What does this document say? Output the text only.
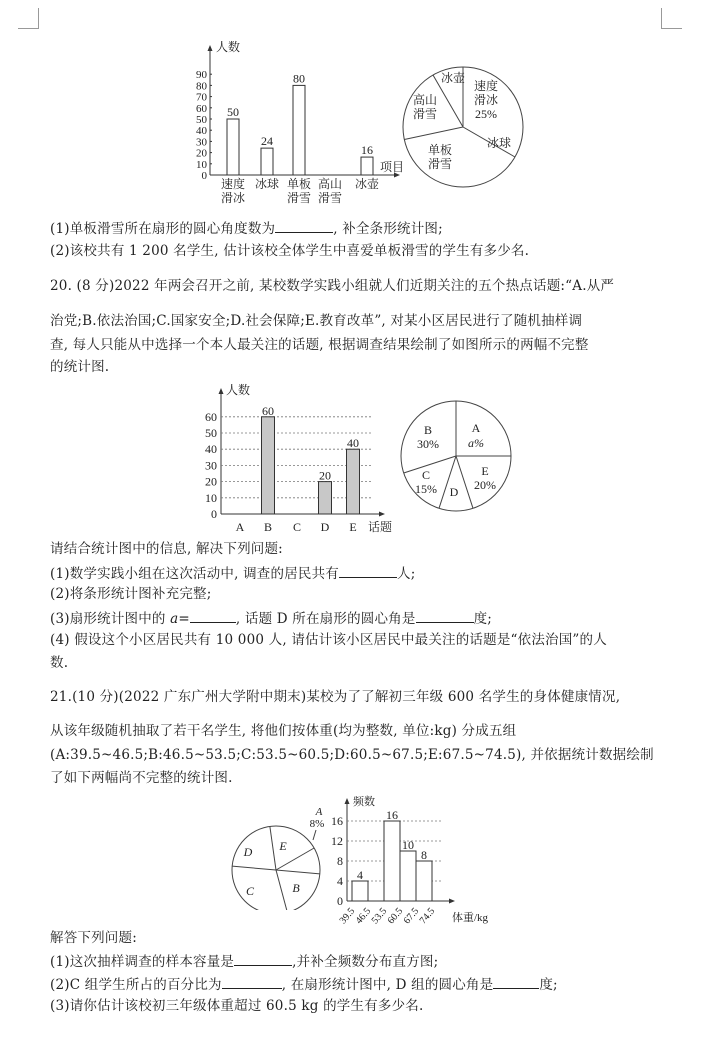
人数
项目
0
10
20
30
40
50
60
70
80
90
速度
滑冰
50
冰球
24
单板
滑雪
80
高山
滑雪
冰壶
16
速度
滑冰
25%
冰球
单板
滑雪
高山
滑雪
冰壶
(1)单板滑雪所在扇形的圆心角度数为	, 补全条形统计图;
(2)该校共有 1 200 名学生, 估计该校全体学生中喜爱单板滑雪的学生有多少名.
20. (8 分)2022 年两会召开之前, 某校数学实践小组就人们近期关注的五个热点话题:“A.从严
治党;B.依法治国;C.国家安全;D.社会保障;E.教育改革”, 对某小区居民进行了随机抽样调
查, 每人只能从中选择一个本人最关注的话题, 根据调查结果绘制了如图所示的两幅不完整
的统计图.
人数
话题
0
10
20
30
40
50
60
A B
60
C D
20
E
40
A
B
30%
E
20%
C
15% D
a%
请结合统计图中的信息, 解决下列问题:
(1)数学实践小组在这次活动中, 调查的居民共有	人;
(2)将条形统计图补充完整;
(3)扇形统计图中的 a=	, 话题 D 所在扇形的圆心角是	度;
(4) 假设这个小区居民共有 10 000 人, 请估计该小区居民中最关注的话题是“依法治国”的人
数.
21.(10 分)(2022 广东广州大学附中期末)某校为了了解初三年级 600 名学生的身体健康情况,
从该年级随机抽取了若干名学生, 将他们按体重(均为整数, 单位:kg) 分成五组
(A:39.5~46.5;B:46.5~53.5;C:53.5~60.5;D:60.5~67.5;E:67.5~74.5), 并依据统计数据绘制
了如下两幅尚不完整的统计图.
E
D
C	B
A
8%
频数
体重/kg
0
4
8
12
16
39.5
46.5
53.5
60.5
67.5
74.5
4
16
10
8
解答下列问题:
(1)这次抽样调查的样本容量是	,并补全频数分布直方图;
(2)C 组学生所占的百分比为	, 在扇形统计图中, D 组的圆心角是	度;
(3)请你估计该校初三年级体重超过 60.5 kg 的学生有多少名.
